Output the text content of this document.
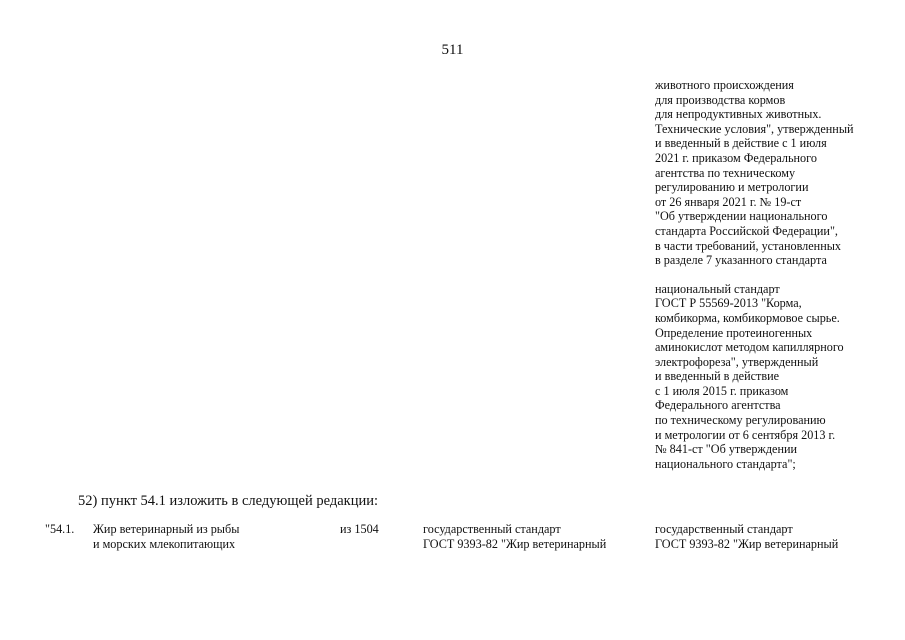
511
животного происхождения
для производства кормов
для непродуктивных животных.
Технические условия", утвержденный
и введенный в действие с 1 июля
2021 г. приказом Федерального
агентства по техническому
регулированию и метрологии
от 26 января 2021 г. № 19-ст
"Об утверждении национального
стандарта Российской Федерации",
в части требований, установленных
в разделе 7 указанного стандарта
национальный стандарт
ГОСТ Р 55569-2013 "Корма,
комбикорма, комбикормовое сырье.
Определение протеиногенных
аминокислот методом капиллярного
электрофореза", утвержденный
и введенный в действие
с 1 июля 2015 г. приказом
Федерального агентства
по техническому регулированию
и метрологии от 6 сентября 2013 г.
№ 841-ст "Об утверждении
национального стандарта";
52) пункт 54.1 изложить в следующей редакции:
"54.1. Жир ветеринарный из рыбы
и морских млекопитающих
из 1504	государственный стандарт
ГОСТ 9393-82 "Жир ветеринарный
государственный стандарт
ГОСТ 9393-82 "Жир ветеринарный
